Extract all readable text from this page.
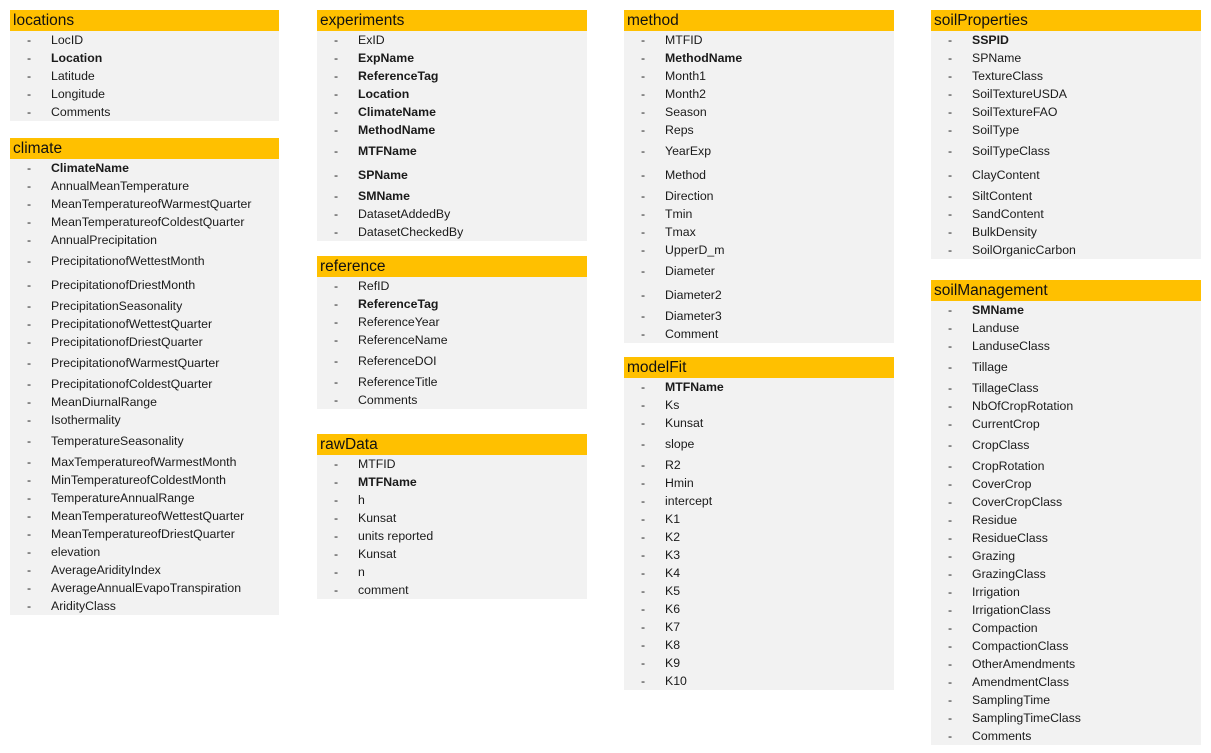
locations
- LocID
- Location
- Latitude
- Longitude
- Comments
climate
- ClimateName
- AnnualMeanTemperature
- MeanTemperatureofWarmestQuarter
- MeanTemperatureofColdestQuarter
- AnnualPrecipitation
- PrecipitationofWettestMonth
- PrecipitationofDriestMonth
- PrecipitationSeasonality
- PrecipitationofWettestQuarter
- PrecipitationofDriestQuarter
- PrecipitationofWarmestQuarter
- PrecipitationofColdestQuarter
- MeanDiurnalRange
- Isothermality
- TemperatureSeasonality
- MaxTemperatureofWarmestMonth
- MinTemperatureofColdestMonth
- TemperatureAnnualRange
- MeanTemperatureofWettestQuarter
- MeanTemperatureofDriestQuarter
- elevation
- AverageAridityIndex
- AverageAnnualEvapoTranspiration
- AridityClass
experiments
- ExID
- ExpName
- ReferenceTag
- Location
- ClimateName
- MethodName
- MTFName
- SPName
- SMName
- DatasetAddedBy
- DatasetCheckedBy
reference
- RefID
- ReferenceTag
- ReferenceYear
- ReferenceName
- ReferenceDOI
- ReferenceTitle
- Comments
rawData
- MTFID
- MTFName
- h
- Kunsat
- units reported
- Kunsat
- n
- comment
method
- MTFID
- MethodName
- Month1
- Month2
- Season
- Reps
- YearExp
- Method
- Direction
- Tmin
- Tmax
- UpperD_m
- Diameter
- Diameter2
- Diameter3
- Comment
modelFit
- MTFName
- Ks
- Kunsat
- slope
- R2
- Hmin
- intercept
- K1
- K2
- K3
- K4
- K5
- K6
- K7
- K8
- K9
- K10
soilProperties
- SSPID
- SPName
- TextureClass
- SoilTextureUSDA
- SoilTextureFAO
- SoilType
- SoilTypeClass
- ClayContent
- SiltContent
- SandContent
- BulkDensity
- SoilOrganicCarbon
soilManagement
- SMName
- Landuse
- LanduseClass
- Tillage
- TillageClass
- NbOfCropRotation
- CurrentCrop
- CropClass
- CropRotation
- CoverCrop
- CoverCropClass
- Residue
- ResidueClass
- Grazing
- GrazingClass
- Irrigation
- IrrigationClass
- Compaction
- CompactionClass
- OtherAmendments
- AmendmentClass
- SamplingTime
- SamplingTimeClass
- Comments
